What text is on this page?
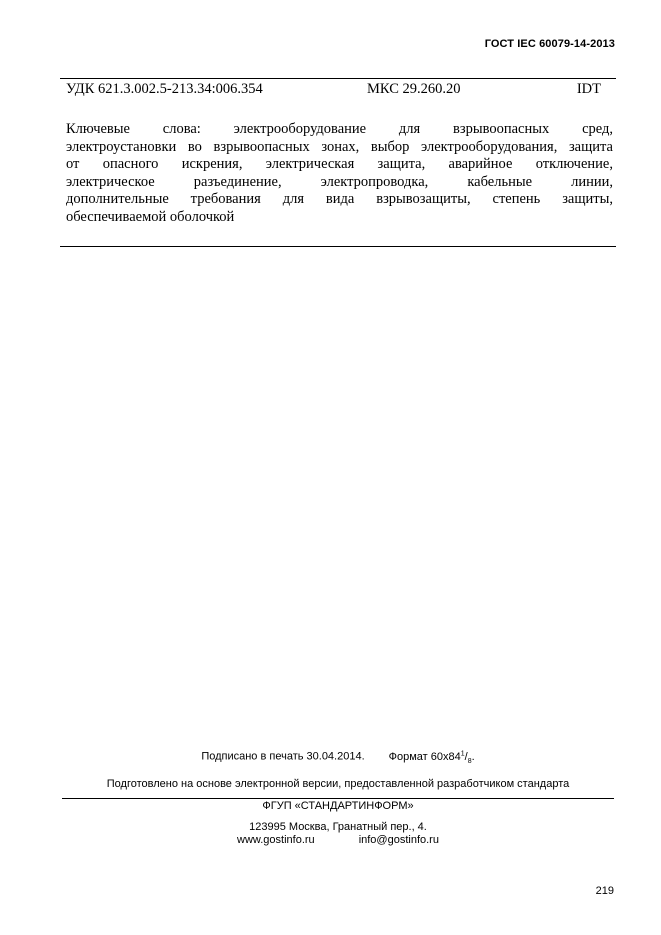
ГОСТ IEC 60079-14-2013
УДК 621.3.002.5-213.34:006.354	МКС 29.260.20	IDT
Ключевые слова: электрооборудование для взрывоопасных сред,
электроустановки во взрывоопасных зонах, выбор электрооборудования, защита
от опасного искрения, электрическая защита, аварийное отключение,
электрическое разъединение, электропроводка, кабельные линии,
дополнительные требования для вида взрывозащиты, степень защиты,
обеспечиваемой оболочкой
Подписано в печать 30.04.2014. Формат $60х84^1/_8$.
Подготовлено на основе электронной версии, предоставленной разработчиком стандарта
ФГУП «СТАНДАРТИНФОРМ»
123995 Москва, Гранатный пер., 4.
www.gostinfo.ru	info@gostinfo.ru
219
